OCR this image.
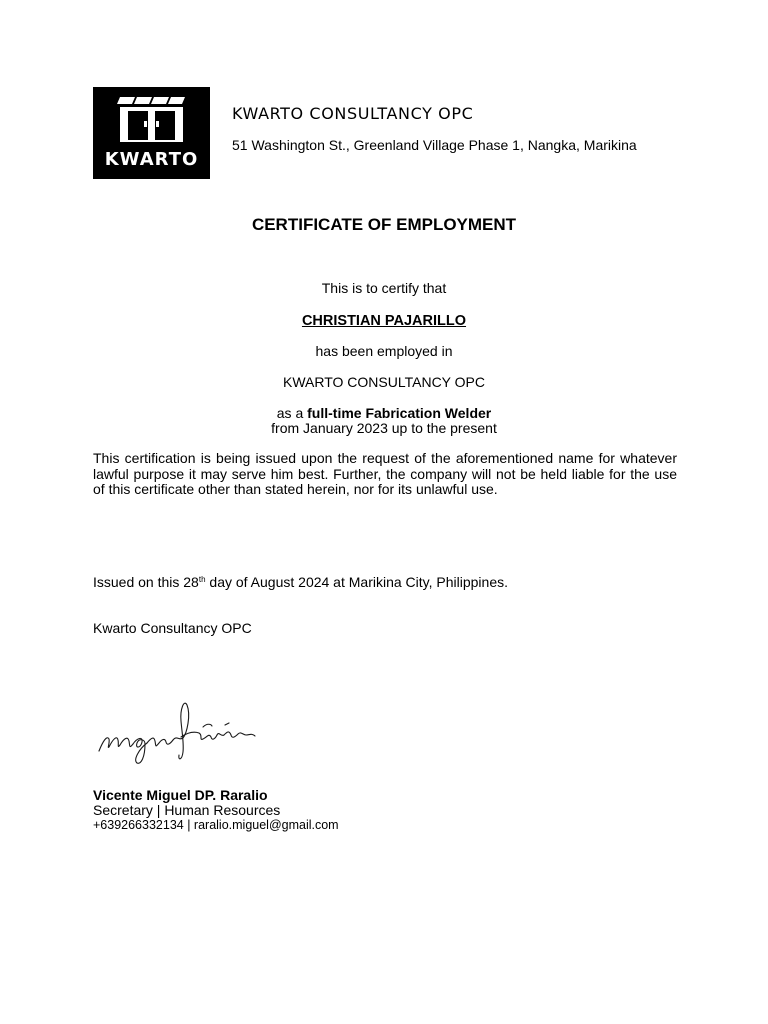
KWARTO
KWARTO CONSULTANCY OPC
51 Washington St., Greenland Village Phase 1, Nangka, Marikina
CERTIFICATE OF EMPLOYMENT
This is to certify that
CHRISTIAN PAJARILLO
has been employed in
KWARTO CONSULTANCY OPC
as a full-time Fabrication Welder
from January 2023 up to the present
This certification is being issued upon the request of the aforementioned name for whatever lawful purpose it may serve him best. Further, the company will not be held liable for the use of this certificate other than stated herein, nor for its unlawful use.
Issued on this 28th day of August 2024 at Marikina City, Philippines.
Kwarto Consultancy OPC
Vicente Miguel DP. Raralio
Secretary | Human Resources
+639266332134 | raralio.miguel@gmail.com
